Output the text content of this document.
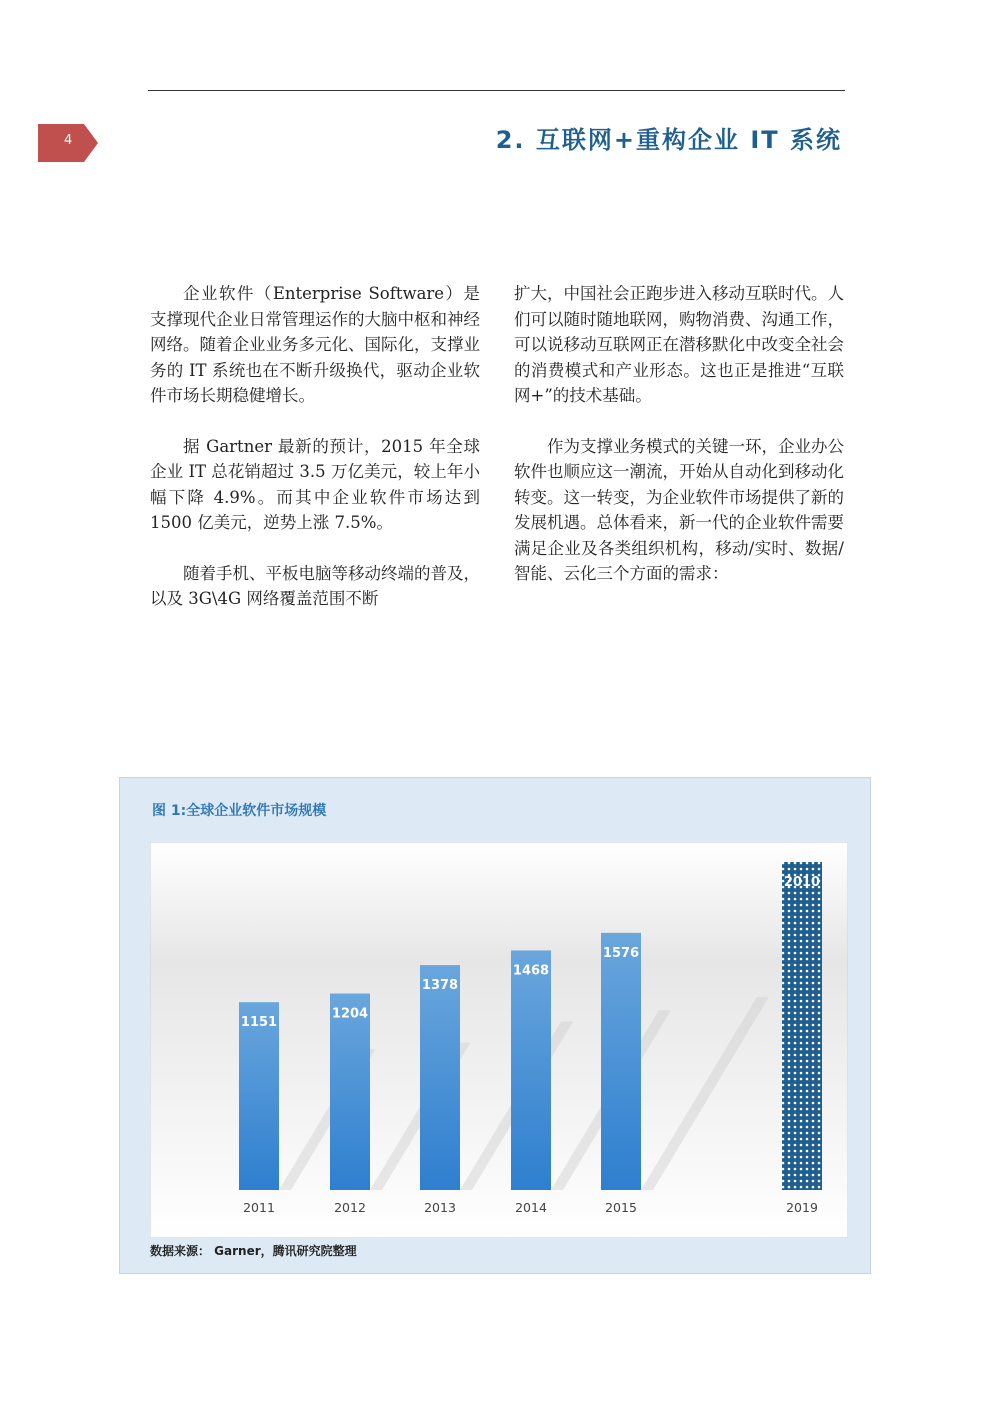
4	2. 互联网+重构企业 IT 系统

企业软件（Enterprise Software）是支撑现代企业日常管理运作的大脑中枢和神经网络。随着企业业务多元化、国际化，支撑业务的 IT 系统也在不断升级换代，驱动企业软件市场长期稳健增长。

据 Gartner 最新的预计，2015 年全球企业 IT 总花销超过 3.5 万亿美元，较上年小幅下降 4.9%。而其中企业软件市场达到 1500 亿美元，逆势上涨 7.5%。

随着手机、平板电脑等移动终端的普及，以及 3G\4G 网络覆盖范围不断

扩大，中国社会正跑步进入移动互联时代。人们可以随时随地联网，购物消费、沟通工作，可以说移动互联网正在潜移默化中改变全社会的消费模式和产业形态。这也正是推进“互联网+”的技术基础。

作为支撑业务模式的关键一环，企业办公软件也顺应这一潮流，开始从自动化到移动化转变。这一转变，为企业软件市场提供了新的发展机遇。总体看来，新一代的企业软件需要满足企业及各类组织机构，移动/实时、数据/智能、云化三个方面的需求：

图 1:全球企业软件市场规模
1151
1204
1378
1468
1576
2010
2011	2012	2013	2014	2015	2019
数据来源： Garner，腾讯研究院整理
